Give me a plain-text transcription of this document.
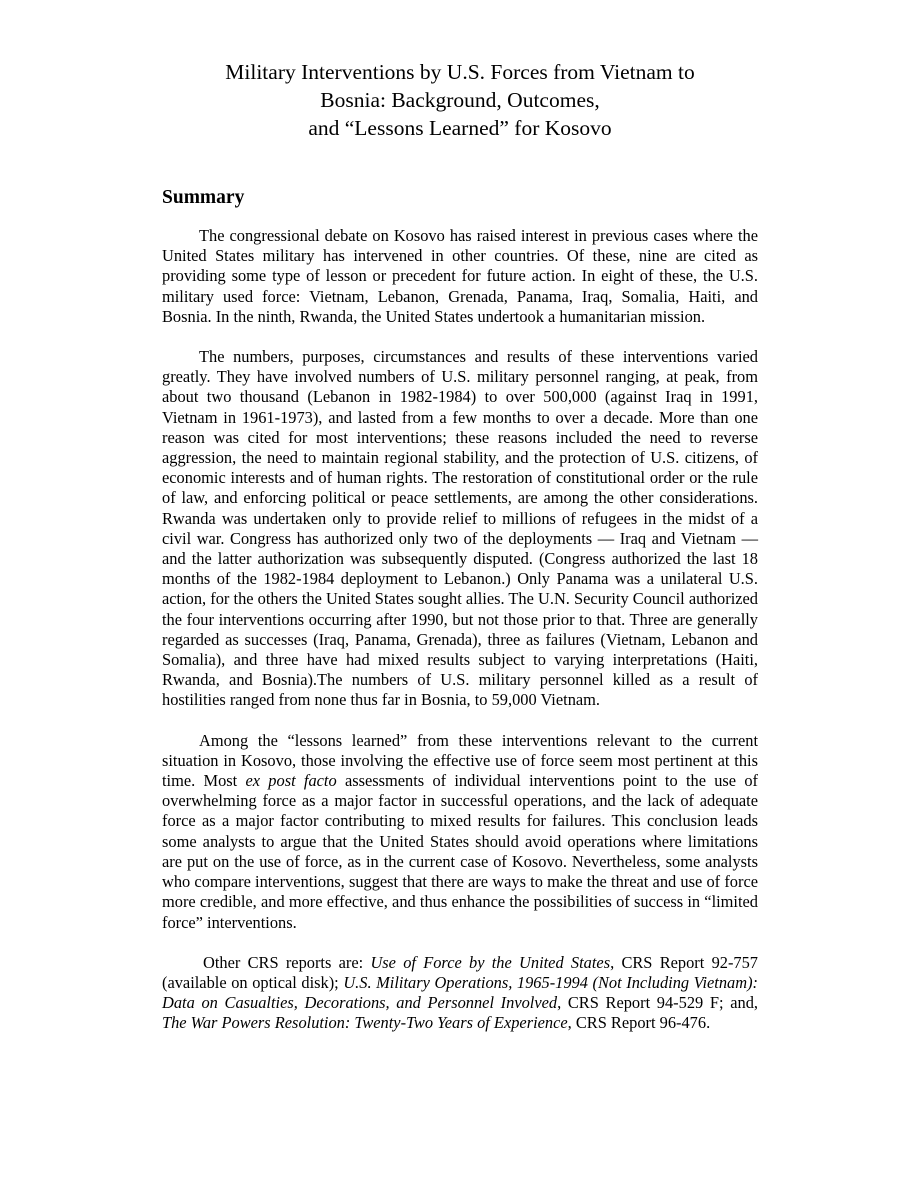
Military Interventions by U.S. Forces from Vietnam to
Bosnia: Background, Outcomes,
and “Lessons Learned” for Kosovo
Summary

The congressional debate on Kosovo has raised interest in previous cases where the United States military has intervened in other countries. Of these, nine are cited as providing some type of lesson or precedent for future action. In eight of these, the U.S. military used force: Vietnam, Lebanon, Grenada, Panama, Iraq, Somalia, Haiti, and Bosnia. In the ninth, Rwanda, the United States undertook a humanitarian mission.

The numbers, purposes, circumstances and results of these interventions varied greatly. They have involved numbers of U.S. military personnel ranging, at peak, from about two thousand (Lebanon in 1982-1984) to over 500,000 (against Iraq in 1991, Vietnam in 1961-1973), and lasted from a few months to over a decade. More than one reason was cited for most interventions; these reasons included the need to reverse aggression, the need to maintain regional stability, and the protection of U.S. citizens, of economic interests and of human rights. The restoration of constitutional order or the rule of law, and enforcing political or peace settlements, are among the other considerations. Rwanda was undertaken only to provide relief to millions of refugees in the midst of a civil war. Congress has authorized only two of the deployments — Iraq and Vietnam — and the latter authorization was subsequently disputed. (Congress authorized the last 18 months of the 1982-1984 deployment to Lebanon.) Only Panama was a unilateral U.S. action, for the others the United States sought allies. The U.N. Security Council authorized the four interventions occurring after 1990, but not those prior to that. Three are generally regarded as successes (Iraq, Panama, Grenada), three as failures (Vietnam, Lebanon and Somalia), and three have had mixed results subject to varying interpretations (Haiti, Rwanda, and Bosnia).The numbers of U.S. military personnel killed as a result of hostilities ranged from none thus far in Bosnia, to 59,000 Vietnam.

Among the “lessons learned” from these interventions relevant to the current situation in Kosovo, those involving the effective use of force seem most pertinent at this time. Most ex post facto assessments of individual interventions point to the use of overwhelming force as a major factor in successful operations, and the lack of adequate force as a major factor contributing to mixed results for failures. This conclusion leads some analysts to argue that the United States should avoid operations where limitations are put on the use of force, as in the current case of Kosovo. Nevertheless, some analysts who compare interventions, suggest that there are ways to make the threat and use of force more credible, and more effective, and thus enhance the possibilities of success in “limited force” interventions.

Other CRS reports are: Use of Force by the United States, CRS Report 92-757 (available on optical disk); U.S. Military Operations, 1965-1994 (Not Including Vietnam): Data on Casualties, Decorations, and Personnel Involved, CRS Report 94-529 F; and, The War Powers Resolution: Twenty-Two Years of Experience, CRS Report 96-476.
